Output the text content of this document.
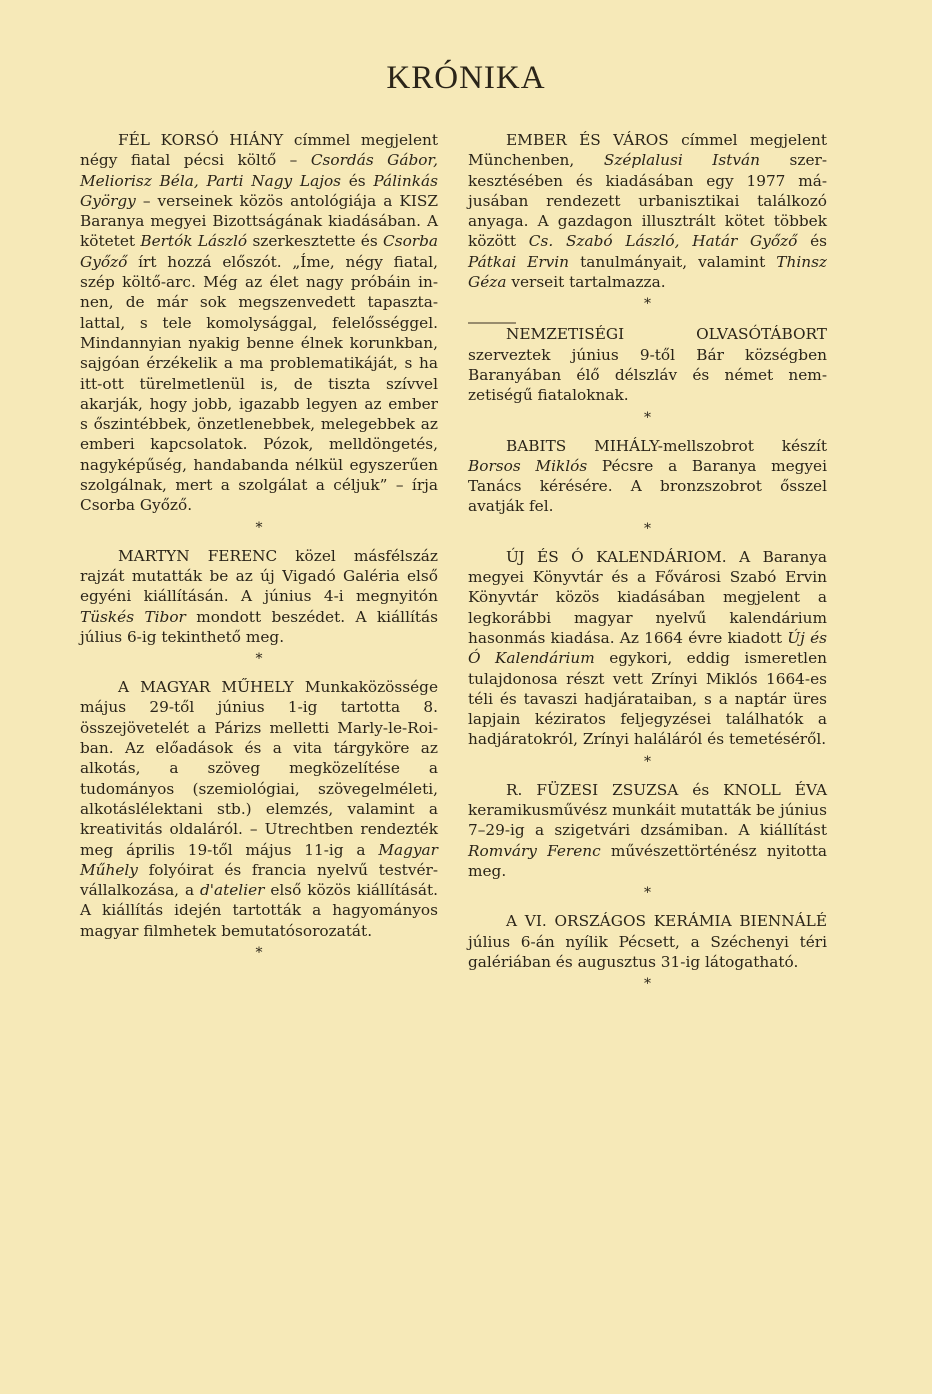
KRÓNIKA

FÉL KORSÓ HIÁNY címmel megjelent négy fiatal pécsi költő – Csordás Gábor, Meliorisz Béla, Parti Nagy Lajos és Pálinkás György – verseinek közös antológiája a KISZ Baranya megyei Bizottságának kiadásában. A kötetet Bertók László szerkesztette és Csorba Győző írt hozzá előszót. „Íme, négy fiatal, szép költő-arc. Még az élet nagy próbáin innen, de már sok megszenvedett tapasztalattal, s tele komolysággal, felelősséggel. Mindannyian nyakig benne élnek korunkban, sajgóan érzékelik a ma problematikáját, s ha itt-ott türelmetlenül is, de tiszta szívvel akarják, hogy jobb, igazabb legyen az ember s őszintébbek, önzetlenebbek, melegebbek az emberi kapcsolatok. Pózok, melldöngetés, nagyképűség, handabanda nélkül egyszerűen szolgálnak, mert a szolgálat a céljuk” – írja Csorba Győző.

*

MARTYN FERENC közel másfélszáz rajzát mutatták be az új Vigadó Galéria első egyéni kiállításán. A június 4-i megnyitón Tüskés Tibor mondott beszédet. A kiállítás július 6-ig tekinthető meg.

*

A MAGYAR MŰHELY Munkaközössége május 29-től június 1-ig tartotta 8. összejövetelét a Párizs melletti Marly-le-Roi-ban. Az előadások és a vita tárgyköre az alkotás, a szöveg megközelítése a tudományos (szemiológiai, szövegelméleti, alkotáslélektani stb.) elemzés, valamint a kreativitás oldaláról. – Utrechtben rendezték meg április 19-től május 11-ig a Magyar Műhely folyóirat és francia nyelvű testvér-vállalkozása, a d'atelier első közös kiállítását. A kiállítás idején tartották a hagyományos magyar filmhetek bemutatósorozatát.

*

EMBER ÉS VÁROS címmel megjelent Münchenben, Széplalusi István szerkesztésében és kiadásában egy 1977 májusában rendezett urbanisztikai találkozó anyaga. A gazdagon illusztrált kötet többek között Cs. Szabó László, Határ Győző és Pátkai Ervin tanulmányait, valamint Thinsz Géza verseit tartalmazza.

*

NEMZETISÉGI OLVASÓTÁBORT szerveztek június 9-től Bár községben Baranyában élő délszláv és német nemzetiségű fiataloknak.

*

BABITS MIHÁLY-mellszobrot készít Borsos Miklós Pécsre a Baranya megyei Tanács kérésére. A bronzszobrot ősszel avatják fel.

*

ÚJ ÉS Ó KALENDÁRIOM. A Baranya megyei Könyvtár és a Fővárosi Szabó Ervin Könyvtár közös kiadásában megjelent a legkorábbi magyar nyelvű kalendárium hasonmás kiadása. Az 1664 évre kiadott Új és Ó Kalendárium egykori, eddig ismeretlen tulajdonosa részt vett Zrínyi Miklós 1664-es téli és tavaszi hadjárataiban, s a naptár üres lapjain kéziratos feljegyzései találhatók a hadjáratokról, Zrínyi haláláról és temetéséről.

*

R. FÜZESI ZSUZSA és KNOLL ÉVA keramikusművész munkáit mutatták be június 7–29-ig a szigetvári dzsámiban. A kiállítást Romváry Ferenc művészettörténész nyitotta meg.

*

A VI. ORSZÁGOS KERÁMIA BIENNÁLÉ július 6-án nyílik Pécsett, a Széchenyi téri galériában és augusztus 31-ig látogatható.

*
